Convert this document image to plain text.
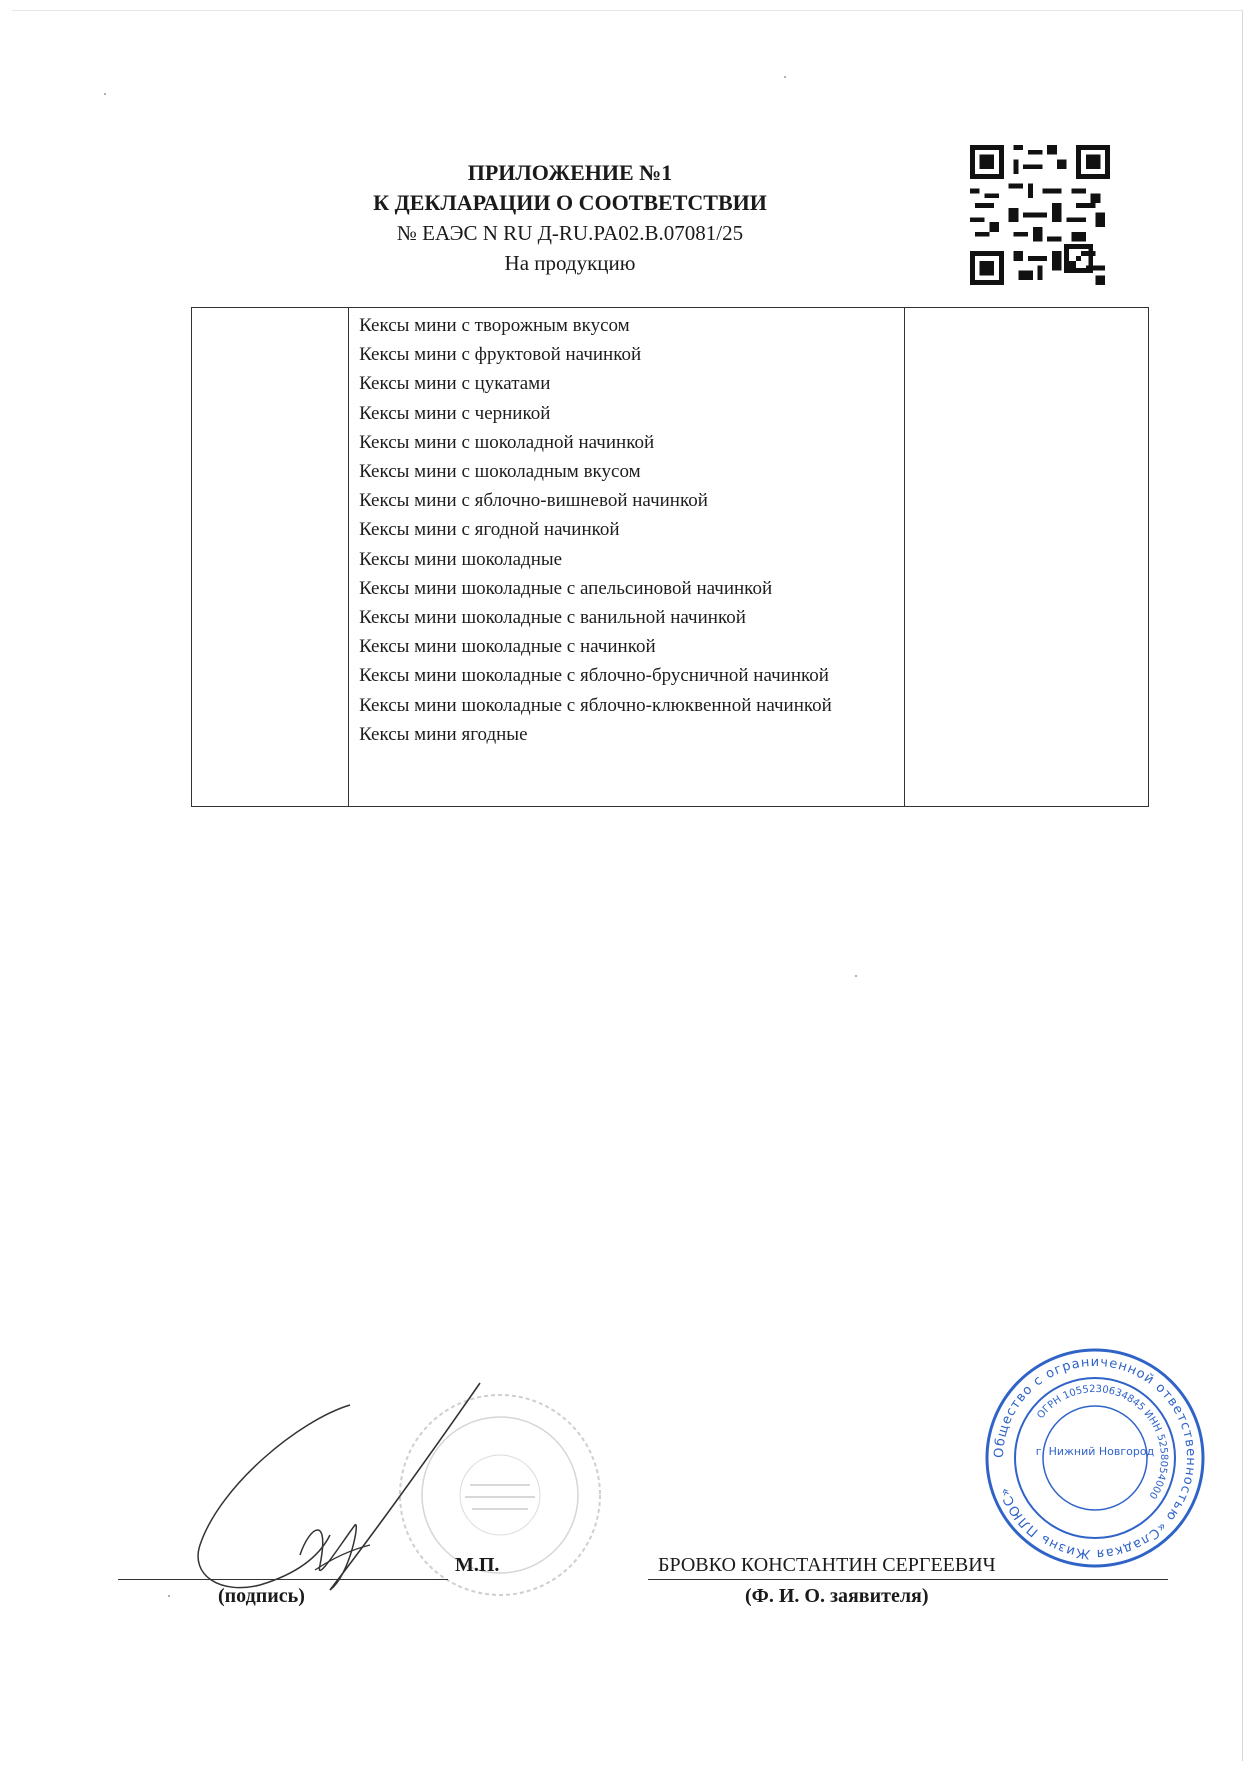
ПРИЛОЖЕНИЕ №1
К ДЕКЛАРАЦИИ О СООТВЕТСТВИИ
№ ЕАЭС N RU Д-RU.PA02.B.07081/25
На продукцию

Кексы мини с творожным вкусом
Кексы мини с фруктовой начинкой
Кексы мини с цукатами
Кексы мини с черникой
Кексы мини с шоколадной начинкой
Кексы мини с шоколадным вкусом
Кексы мини с яблочно-вишневой начинкой
Кексы мини с ягодной начинкой
Кексы мини шоколадные
Кексы мини шоколадные с апельсиновой начинкой
Кексы мини шоколадные с ванильной начинкой
Кексы мини шоколадные с начинкой
Кексы мини шоколадные с яблочно-брусничной начинкой
Кексы мини шоколадные с яблочно-клюквенной начинкой
Кексы мини ягодные

М.П.	БРОВКО КОНСТАНТИН СЕРГЕЕВИЧ
(подпись)	(Ф. И. О. заявителя)
Общество с ограниченной ответственностью «Сладкая Жизнь ПЛЮС»
ОГРН 1055230634845 ИНН 5258054000
г. Нижний Новгород
